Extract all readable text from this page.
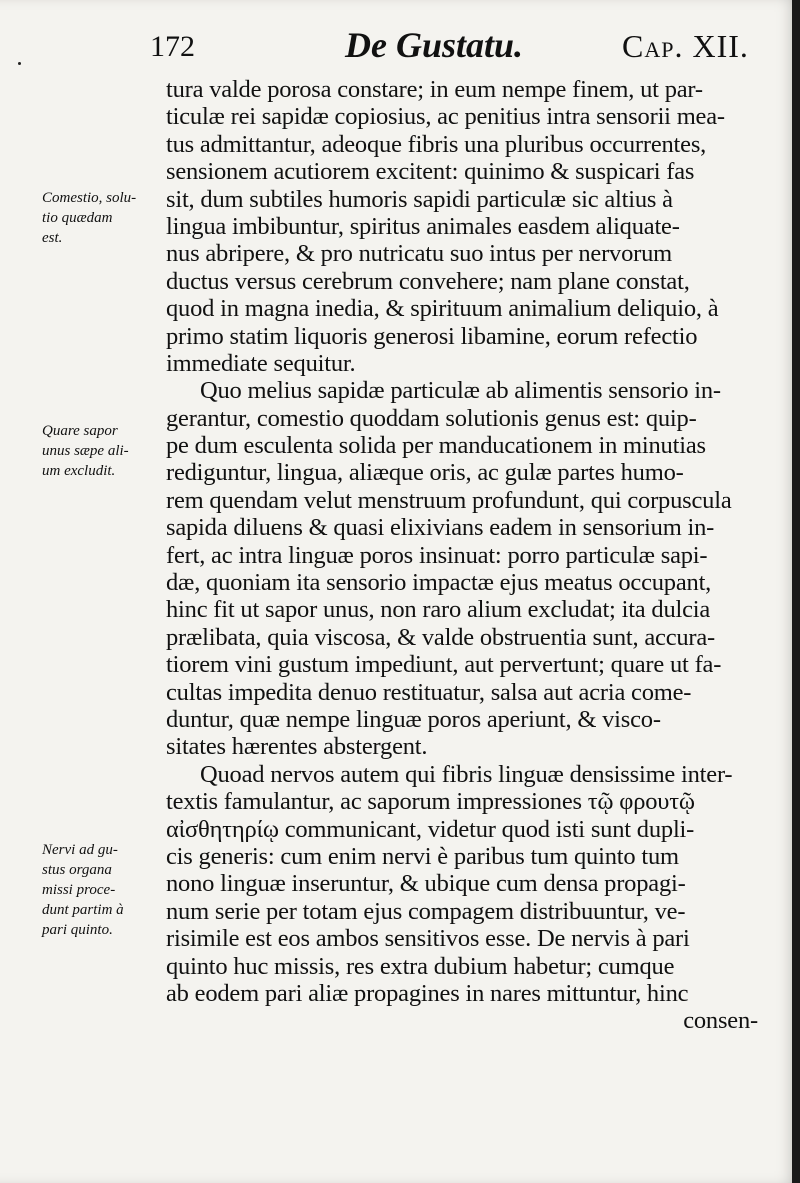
172	De Gustatu.	Cap. XII.
Comestio, solu-
tio quædam
est.
Quare sapor
unus sæpe ali-
um excludit.
Nervi ad gu-
stus organa
missi proce-
dunt partim à
pari quinto.
tura valde porosa constare; in eum nempe finem, ut par-
ticulæ rei sapidæ copiosius, ac penitius intra sensorii mea-
tus admittantur, adeoque fibris una pluribus occurrentes,
sensionem acutiorem excitent: quinimo & suspicari fas
sit, dum subtiles humoris sapidi particulæ sic altius à
lingua imbibuntur, spiritus animales easdem aliquate-
nus abripere, & pro nutricatu suo intus per nervorum
ductus versus cerebrum convehere; nam plane constat,
quod in magna inedia, & spirituum animalium deliquio, à
primo statim liquoris generosi libamine, eorum refectio
immediate sequitur.
Quo melius sapidæ particulæ ab alimentis sensorio in-
gerantur, comestio quoddam solutionis genus est: quip-
pe dum esculenta solida per manducationem in minutias
rediguntur, lingua, aliæque oris, ac gulæ partes humo-
rem quendam velut menstruum profundunt, qui corpuscula
sapida diluens & quasi elixivians eadem in sensorium in-
fert, ac intra linguæ poros insinuat: porro particulæ sapi-
dæ, quoniam ita sensorio impactæ ejus meatus occupant,
hinc fit ut sapor unus, non raro alium excludat; ita dulcia
prælibata, quia viscosa, & valde obstruentia sunt, accura-
tiorem vini gustum impediunt, aut pervertunt; quare ut fa-
cultas impedita denuo restituatur, salsa aut acria come-
duntur, quæ nempe linguæ poros aperiunt, & visco-
sitates hærentes abstergent.
Quoad nervos autem qui fibris linguæ densissime inter-
textis famulantur, ac saporum impressiones τῷ φρουτῷ
αἰσθητηρίῳ communicant, videtur quod isti sunt dupli-
cis generis: cum enim nervi è paribus tum quinto tum
nono linguæ inseruntur, & ubique cum densa propagi-
num serie per totam ejus compagem distribuuntur, ve-
risimile est eos ambos sensitivos esse. De nervis à pari
quinto huc missis, res extra dubium habetur; cumque
ab eodem pari aliæ propagines in nares mittuntur, hinc
consen-
